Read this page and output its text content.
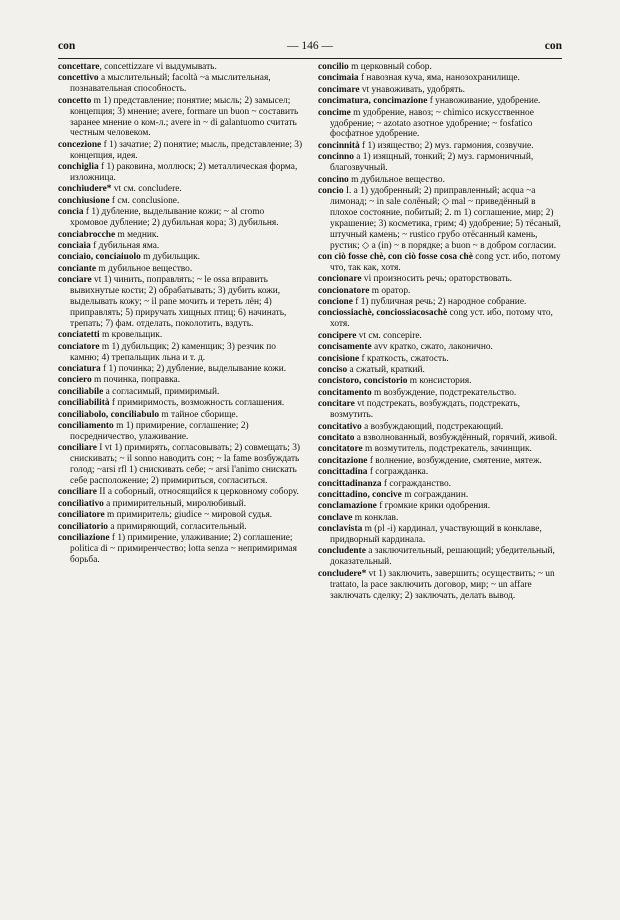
con	— 146 —	con
concettare, concettizzare vi выдумывать.
concettivo a мыслительный; facoltà ~a мыслительная, познавательная способность.
concetto m 1) представление; понятие; мысль; 2) замысел; концепция; 3) мнение; avere, formare un buon ~ составить заранее мнение о ком-л.; avere in ~ di galantuomo считать честным человеком.
concezione f 1) зачатие; 2) понятие; мысль, представление; 3) концепция, идея.
conchiglia f 1) раковина, моллюск; 2) металлическая форма, изложница.
conchiudere* vt см. concludere.
conchiusione f см. conclusione.
concia f 1) дубление, выделывание кожи; ~ al cromo хромовое дубление; 2) дубильная кора; 3) дубильня.
conciabrocche m медник.
conciaia f дубильная яма.
conciaio, conciaiuolo m дубильщик.
conciante m дубильное вещество.
conciare vt 1) чинить, поправлять; ~ le ossa вправить вывихнутые кости; 2) обрабатывать; 3) дубить кожи, выделывать кожу; ~ il pane мочить и тереть лён; 4) приправлять; 5) приручать хищных птиц; 6) начинать, трепать; 7) фам. отделать, поколотить, вздуть.
conciatetti m кровельщик.
conciatore m 1) дубильщик; 2) каменщик; 3) резчик по камню; 4) трепальщик льна и т. д.
conciatura f 1) починка; 2) дубление, выделывание кожи.
conciero m починка, поправка.
conciliabile a согласимый, примиримый.
conciliabilità f примиримость, возможность соглашения.
conciliabolo, conciliabulo m тайное сборище.
conciliamento m 1) примирение, соглашение; 2) посредничество, улаживание.
conciliare I vt 1) примирять, согласовывать; 2) совмещать; 3) снискивать; ~ il sonno наводить сон; ~ la fame возбуждать голод; ~arsi rfl 1) снискивать себе; ~ arsi l'animo снискать себе расположение; 2) примириться, согласиться.
conciliare II a соборный, относящийся к церковному собору.
conciliativo a примирительный, миролюбивый.
conciliatore m примиритель; giudice ~ мировой судья.
conciliatorio a примиряющий, согласительный.
conciliazione f 1) примирение, улаживание; 2) соглашение; politica di ~ примиренчество; lotta senza ~ непримиримая борьба.
concilio m церковный собор.
concimaia f навозная куча, яма, нанозохранилище.
concimare vt унавоживать, удобрять.
concimatura, concimazione f унавоживание, удобрение.
concime m удобрение, навоз; ~ chimico искусственное удобрение; ~ azotato азотное удобрение; ~ fosfatico фосфатное удобрение.
concinnità f 1) изящество; 2) муз. гармония, созвучие.
concinno a 1) изящный, тонкий; 2) муз. гармоничный, благозвучный.
concino m дубильное вещество.
concio I. a 1) удобренный; 2) приправленный; acqua ~a лимонад; ~ in sale солёный; ◇ mal ~ приведённый в плохое состояние, побитый; 2. m 1) соглашение, мир; 2) украшение; 3) косметика, грим; 4) удобрение; 5) тёсаный, штучный камень; ~ rustico грубо отёсанный камень, рустик; ◇ a (in) ~ в порядке; a buon ~ в добром согласии.
con ciò fosse chè, con ciò fosse cosa chè cong уст. ибо, потому что, так как, хотя.
concionare vi произносить речь; ораторствовать.
concionatore m оратор.
concione f 1) публичная речь; 2) народное собрание.
conciossiachè, conciossiacosachè cong уст. ибо, потому что, хотя.
concipere vt см. concepire.
concisamente avv кратко, сжато, лаконично.
concisione f краткость, сжатость.
conciso a сжатый, краткий.
concistoro, concistorio m консистория.
concitamento m возбуждение, подстрекательство.
concitare vt подстрекать, возбуждать, подстрекать, возмутить.
concitativo a возбуждающий, подстрекающий.
concitato a взволнованный, возбуждённый, горячий, живой.
concitatore m возмутитель, подстрекатель, зачинщик.
concitazione f волнение, возбуждение, смятение, мятеж.
concittadina f согражданка.
concittadinanza f согражданство.
concittadino, concive m согражданин.
conclamazione f громкие крики одобрения.
conclave m конклав.
conclavista m (pl -i) кардинал, участвующий в конклаве, придворный кардинала.
concludente a заключительный, решающий; убедительный, доказательный.
concludere* vt 1) заключить, завершить; осуществить; ~ un trattato, la pace заключить договор, мир; ~ un affare заключать сделку; 2) заключать, делать вывод.
